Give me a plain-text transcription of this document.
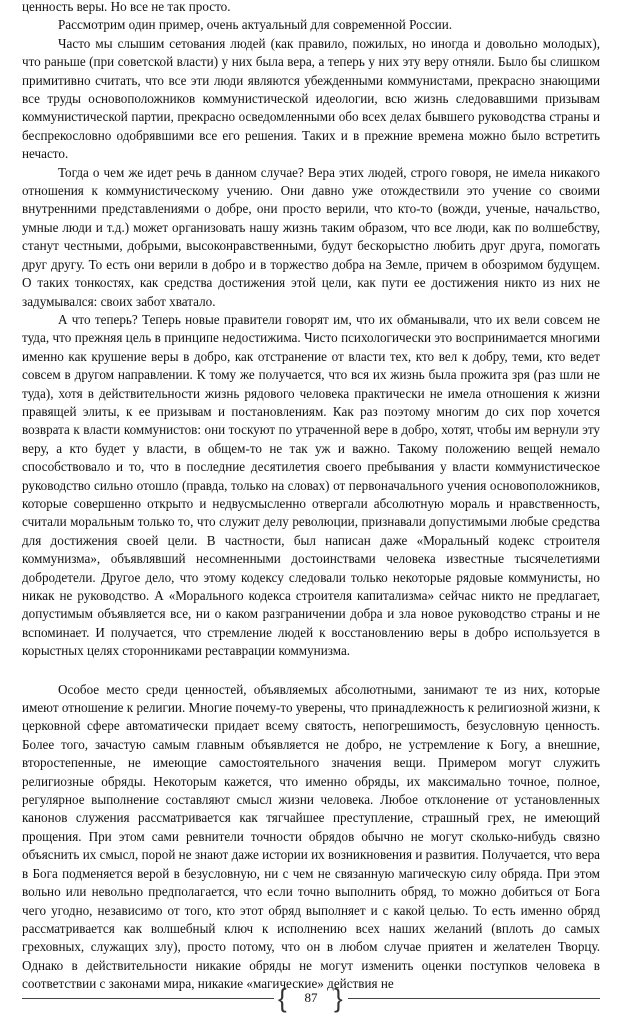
ценность веры. Но все не так просто.

Рассмотрим один пример, очень актуальный для современной России.

Часто мы слышим сетования людей (как правило, пожилых, но иногда и довольно молодых), что раньше (при советской власти) у них была вера, а теперь у них эту веру отняли. Было бы слишком примитивно считать, что все эти люди являются убежденными коммунистами, прекрасно знающими все труды основоположников коммунистической идеологии, всю жизнь следовавшими призывам коммунистической партии, прекрасно осведомленными обо всех делах бывшего руководства страны и беспрекословно одобрявшими все его решения. Таких и в прежние времена можно было встретить нечасто.

Тогда о чем же идет речь в данном случае? Вера этих людей, строго говоря, не имела никакого отношения к коммунистическому учению. Они давно уже отождествили это учение со своими внутренними представлениями о добре, они просто верили, что кто-то (вожди, ученые, начальство, умные люди и т.д.) может организовать нашу жизнь таким образом, что все люди, как по волшебству, станут честными, добрыми, высоконравственными, будут бескорыстно любить друг друга, помогать друг другу. То есть они верили в добро и в торжество добра на Земле, причем в обозримом будущем. О таких тонкостях, как средства достижения этой цели, как пути ее достижения никто из них не задумывался: своих забот хватало.

А что теперь? Теперь новые правители говорят им, что их обманывали, что их вели совсем не туда, что прежняя цель в принципе недостижима. Чисто психологически это воспринимается многими именно как крушение веры в добро, как отстранение от власти тех, кто вел к добру, теми, кто ведет совсем в другом направлении. К тому же получается, что вся их жизнь была прожита зря (раз шли не туда), хотя в действительности жизнь рядового человека практически не имела отношения к жизни правящей элиты, к ее призывам и постановлениям. Как раз поэтому многим до сих пор хочется возврата к власти коммунистов: они тоскуют по утраченной вере в добро, хотят, чтобы им вернули эту веру, а кто будет у власти, в общем-то не так уж и важно. Такому положению вещей немало способствовало и то, что в последние десятилетия своего пребывания у власти коммунистическое руководство сильно отошло (правда, только на словах) от первоначального учения основоположников, которые совершенно открыто и недвусмысленно отвергали абсолютную мораль и нравственность, считали моральным только то, что служит делу революции, признавали допустимыми любые средства для достижения своей цели. В частности, был написан даже «Моральный кодекс строителя коммунизма», объявлявший несомненными достоинствами человека известные тысячелетиями добродетели. Другое дело, что этому кодексу следовали только некоторые рядовые коммунисты, но никак не руководство. А «Морального кодекса строителя капитализма» сейчас никто не предлагает, допустимым объявляется все, ни о каком разграничении добра и зла новое руководство страны и не вспоминает. И получается, что стремление людей к восстановлению веры в добро используется в корыстных целях сторонниками реставрации коммунизма.

Особое место среди ценностей, объявляемых абсолютными, занимают те из них, которые имеют отношение к религии. Многие почему-то уверены, что принадлежность к религиозной жизни, к церковной сфере автоматически придает всему святость, непогрешимость, безусловную ценность. Более того, зачастую самым главным объявляется не добро, не устремление к Богу, а внешние, второстепенные, не имеющие самостоятельного значения вещи. Примером могут служить религиозные обряды. Некоторым кажется, что именно обряды, их максимально точное, полное, регулярное выполнение составляют смысл жизни человека. Любое отклонение от установленных канонов служения рассматривается как тягчайшее преступление, страшный грех, не имеющий прощения. При этом сами ревнители точности обрядов обычно не могут сколько-нибудь связно объяснить их смысл, порой не знают даже истории их возникновения и развития. Получается, что вера в Бога подменяется верой в безусловную, ни с чем не связанную магическую силу обряда. При этом вольно или невольно предполагается, что если точно выполнить обряд, то можно добиться от Бога чего угодно, независимо от того, кто этот обряд выполняет и с какой целью. То есть именно обряд рассматривается как волшебный ключ к исполнению всех наших желаний (вплоть до самых греховных, служащих злу), просто потому, что он в любом случае приятен и желателен Творцу. Однако в действительности никакие обряды не могут изменить оценки поступков человека в соответствии с законами мира, никакие «магические» действия не

{	87 }
